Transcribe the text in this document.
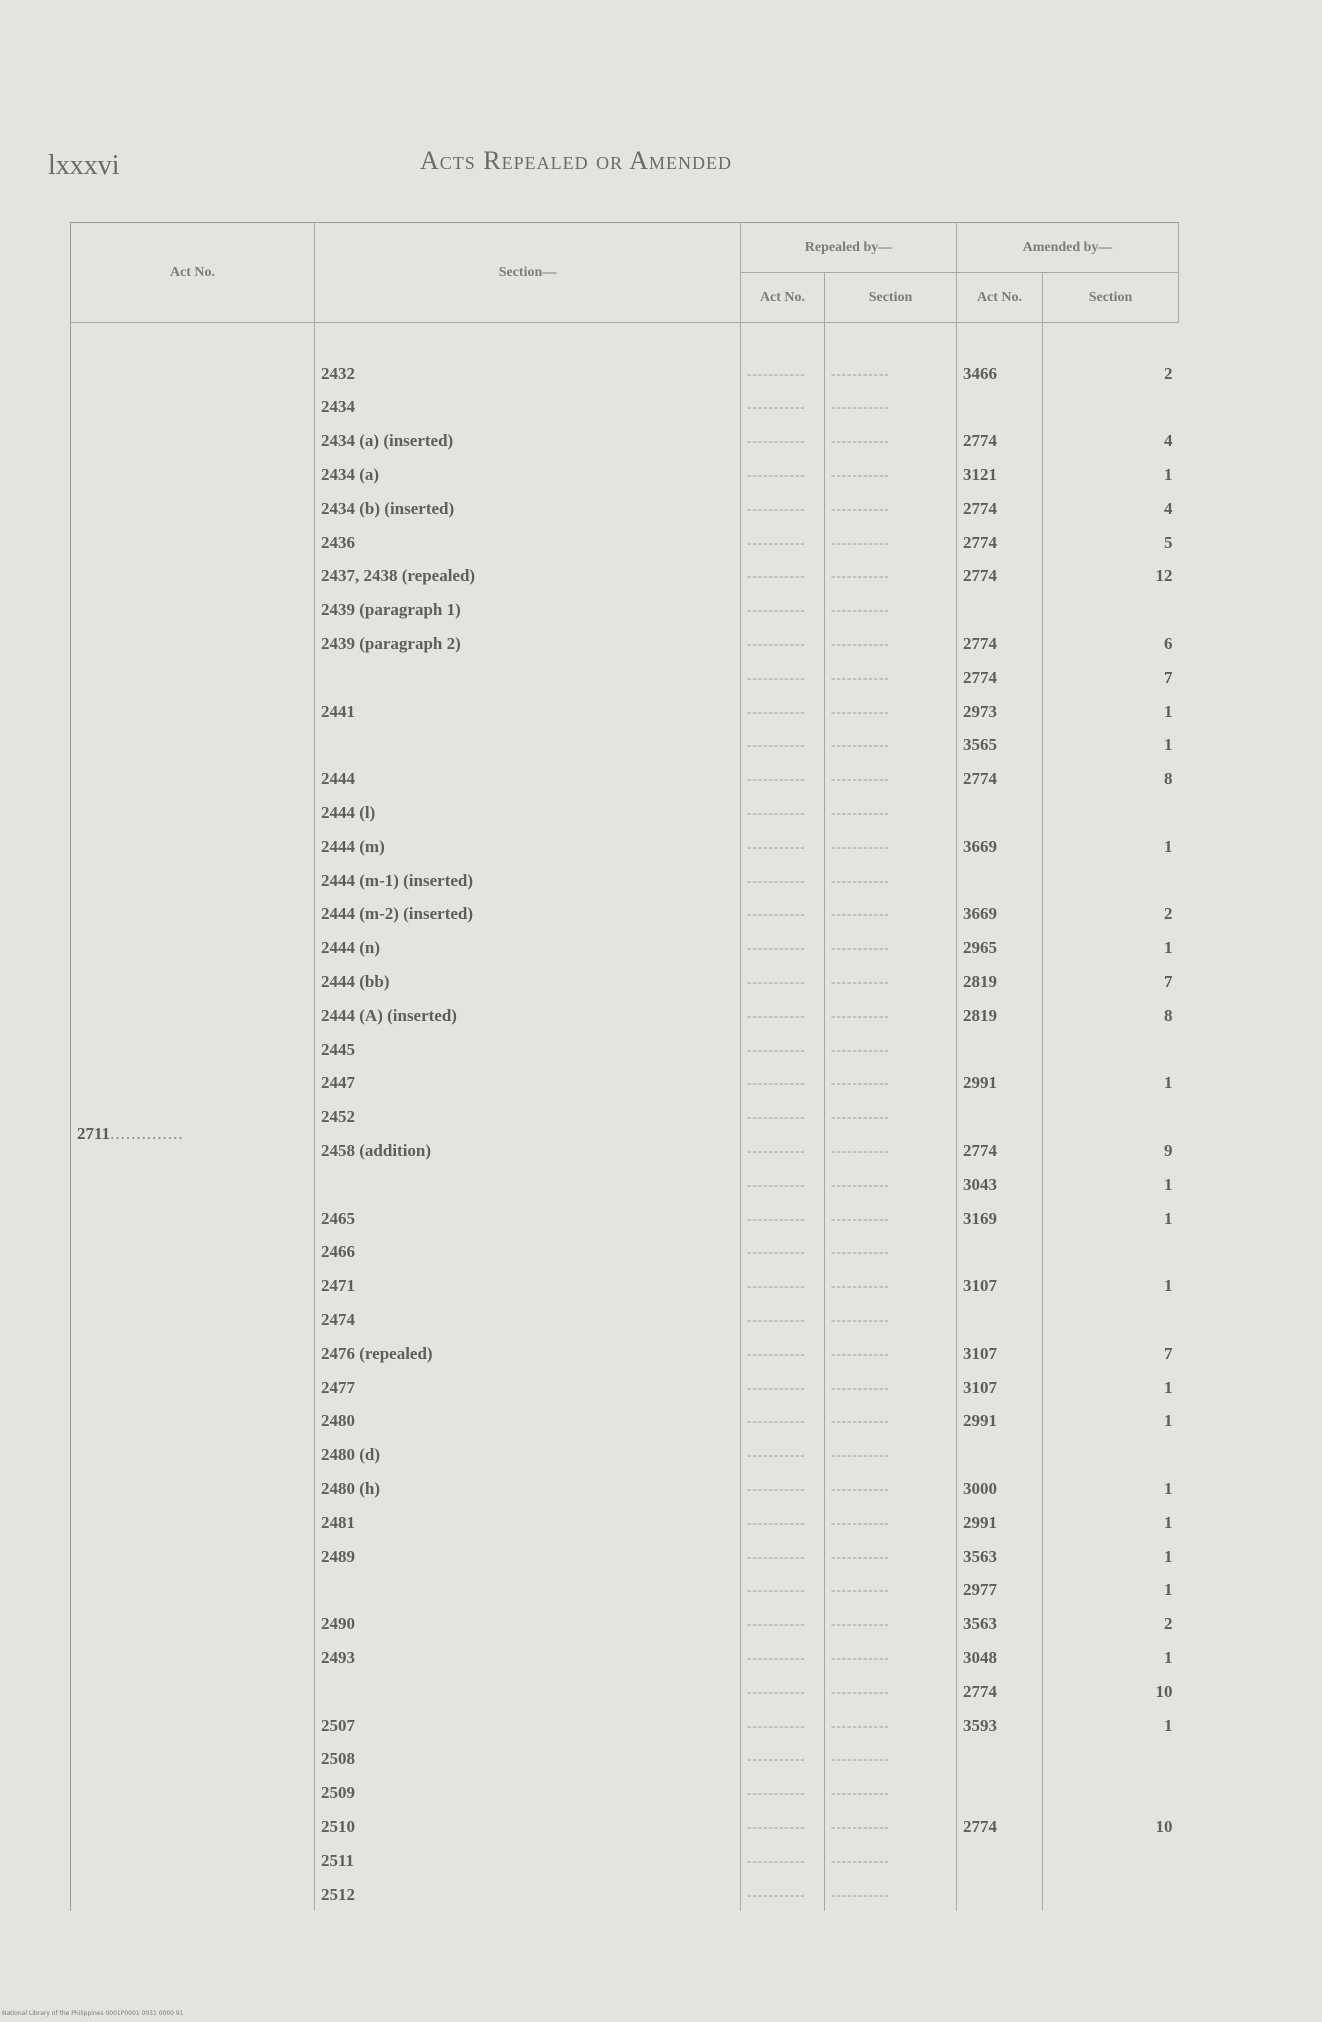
lxxxvi	Acts Repealed or Amended
Act No.	Section—	Repealed by—		Amended by—	
		Act No.	Section	Act No.	Section

2711..............	2432	-----------	-----------	3466	2
	2434	-----------	-----------		
	2434 (a) (inserted)	-----------	-----------	2774	4
	2434 (a)	-----------	-----------	3121	1
	2434 (b) (inserted)	-----------	-----------	2774	4
	2436	-----------	-----------	2774	5
	2437, 2438 (repealed)	-----------	-----------	2774	12
	2439 (paragraph 1)	-----------	-----------		
	2439 (paragraph 2)	-----------	-----------	2774	6
		-----------	-----------	2774	7
	2441	-----------	-----------	2973	1
		-----------	-----------	3565	1
	2444	-----------	-----------	2774	8
	2444 (l)	-----------	-----------		
	2444 (m)	-----------	-----------	3669	1
	2444 (m-1) (inserted)	-----------	-----------		
	2444 (m-2) (inserted)	-----------	-----------	3669	2
	2444 (n)	-----------	-----------	2965	1
	2444 (bb)	-----------	-----------	2819	7
	2444 (A) (inserted)	-----------	-----------	2819	8
	2445	-----------	-----------		
	2447	-----------	-----------	2991	1
	2452	-----------	-----------		
	2458 (addition)	-----------	-----------	2774	9
		-----------	-----------	3043	1
	2465	-----------	-----------	3169	1
	2466	-----------	-----------		
	2471	-----------	-----------	3107	1
	2474	-----------	-----------		
	2476 (repealed)	-----------	-----------	3107	7
	2477	-----------	-----------	3107	1
	2480	-----------	-----------	2991	1
	2480 (d)	-----------	-----------		
	2480 (h)	-----------	-----------	3000	1
	2481	-----------	-----------	2991	1
	2489	-----------	-----------	3563	1
		-----------	-----------	2977	1
	2490	-----------	-----------	3563	2
	2493	-----------	-----------	3048	1
		-----------	-----------	2774	10
	2507	-----------	-----------	3593	1
	2508	-----------	-----------		
	2509	-----------	-----------		
	2510	-----------	-----------	2774	10
	2511	-----------	-----------		
	2512	-----------	-----------		
National Library of the Philippines 0001P0001 0031 0000 91
